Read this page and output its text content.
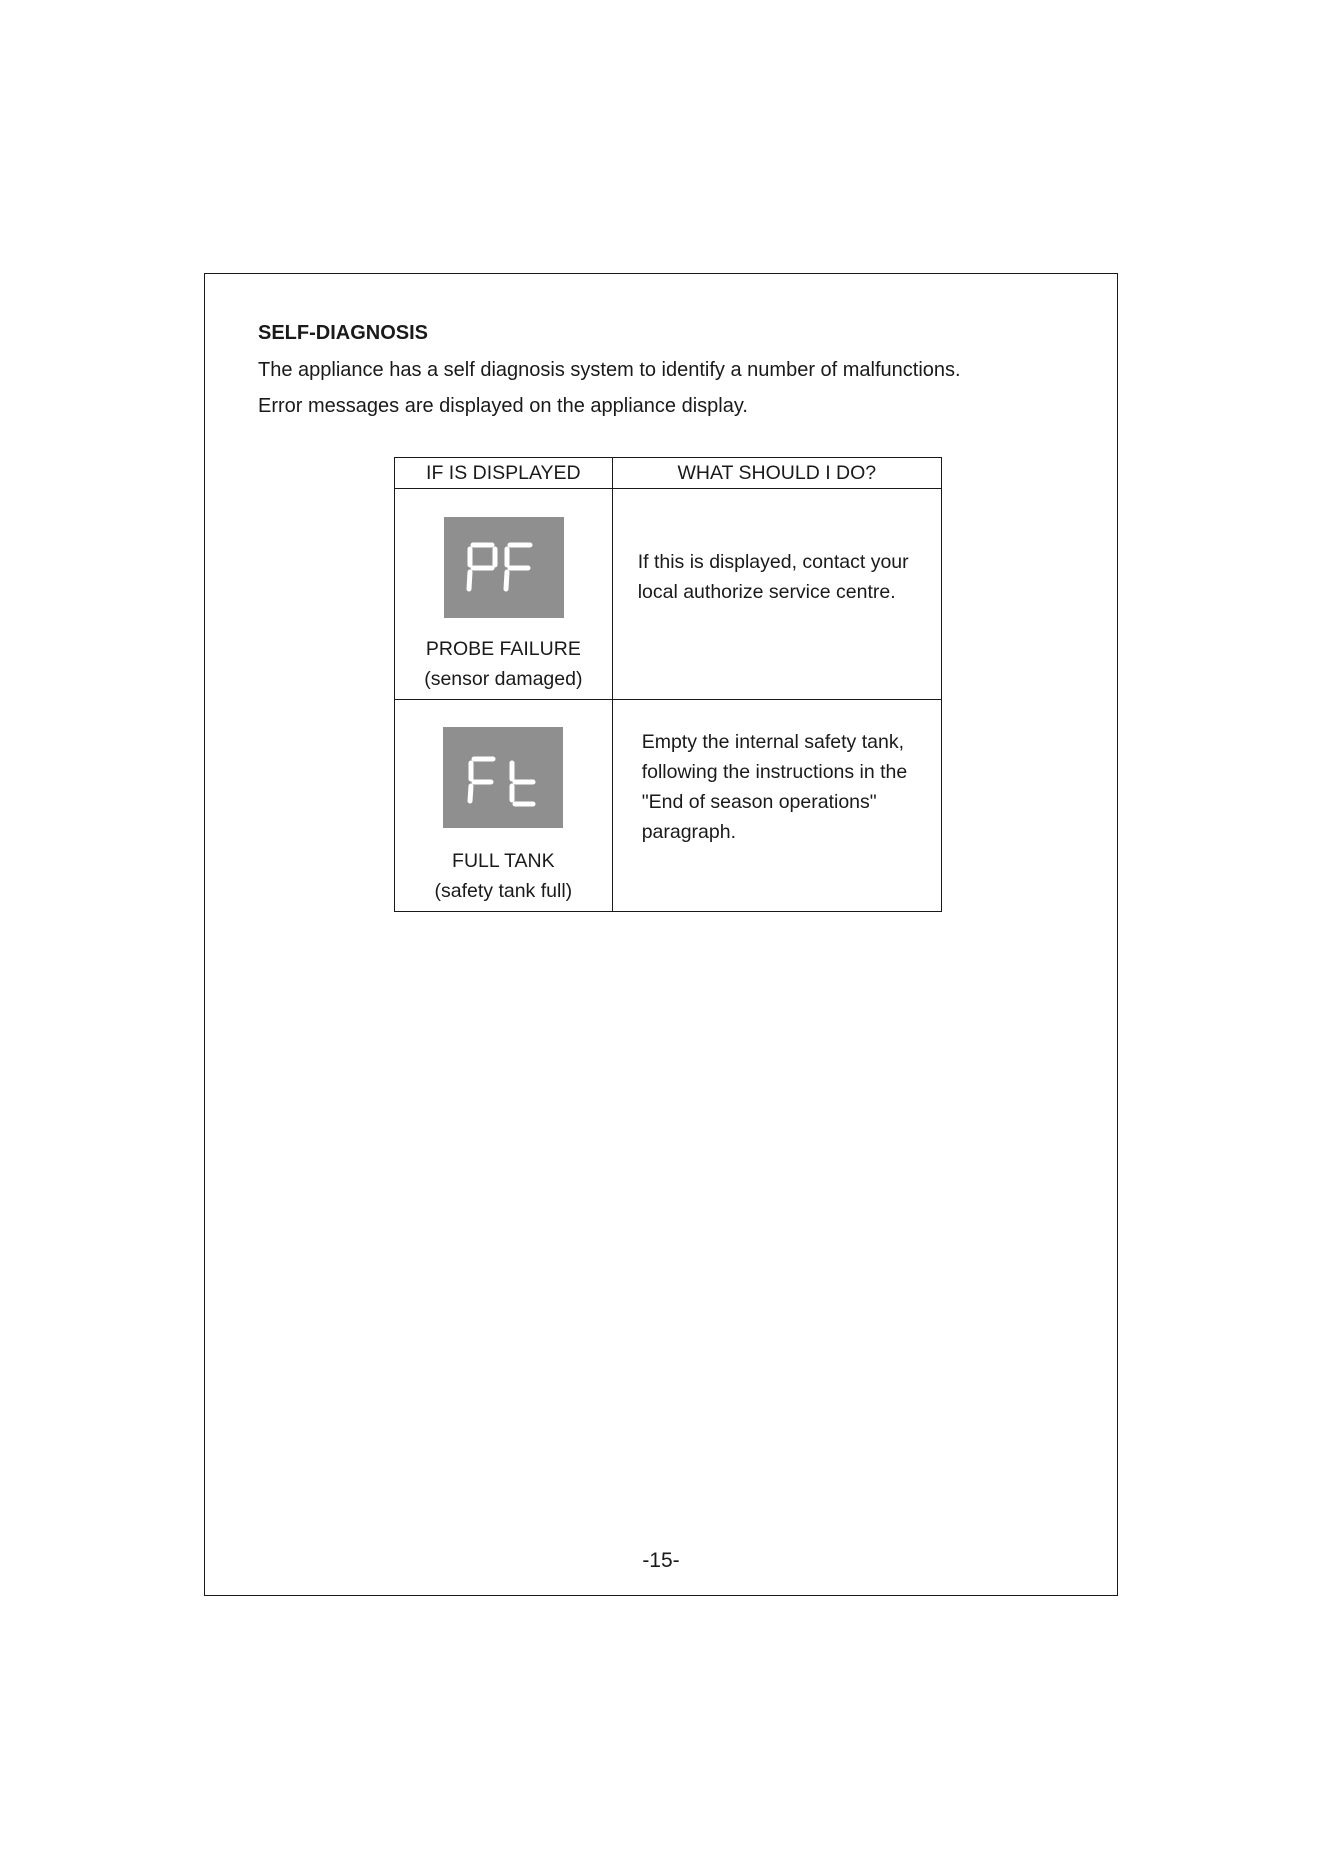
SELF-DIAGNOSIS

The appliance has a self diagnosis system to identify a number of malfunctions.

Error messages are displayed on the appliance display.

IF IS DISPLAYED	WHAT SHOULD I DO?

PROBE FAILURE
(sensor damaged)	If this is displayed, contact your local authorize service centre.

FULL TANK
(safety tank full)	Empty the internal safety tank, following the instructions in the "End of season operations" paragraph.

-15-
